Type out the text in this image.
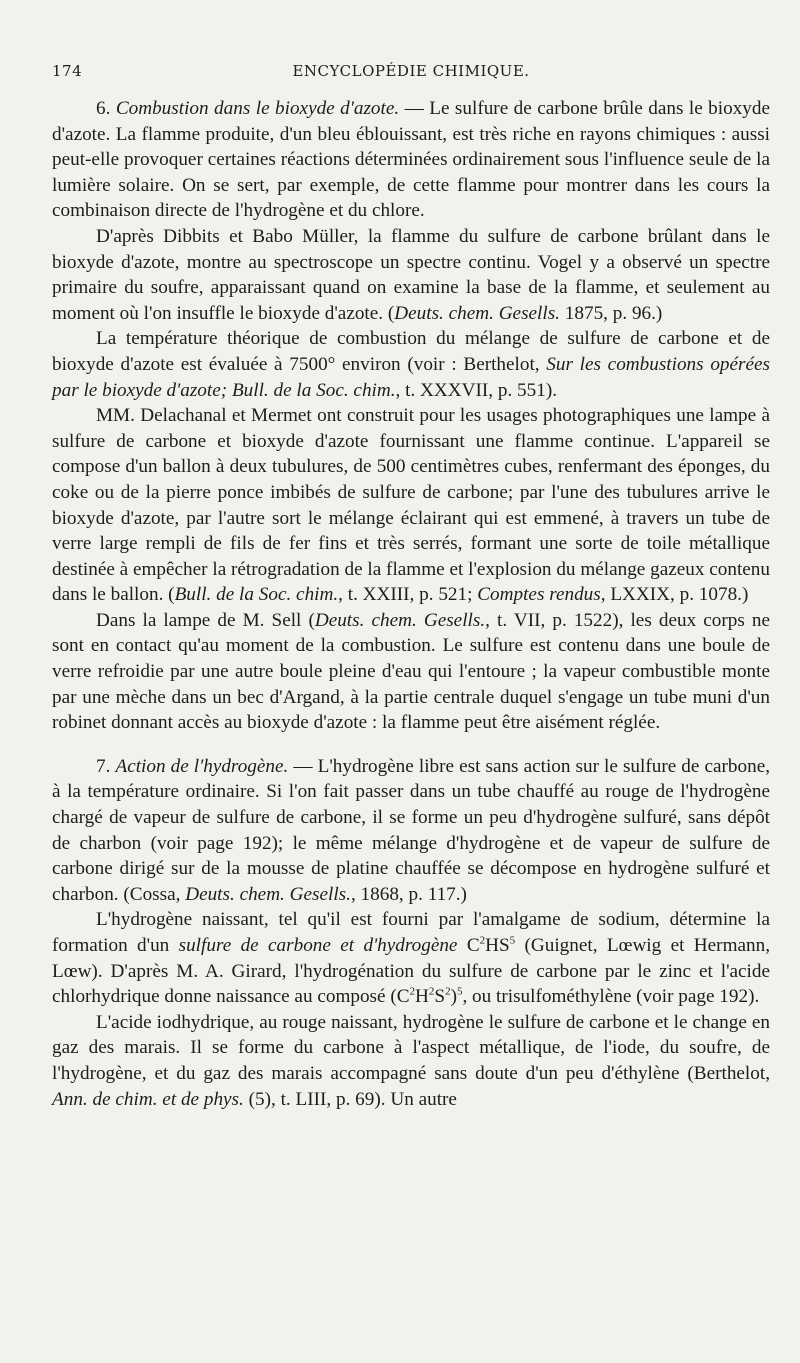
174	ENCYCLOPÉDIE CHIMIQUE.

6. Combustion dans le bioxyde d'azote. — Le sulfure de carbone brûle dans le bioxyde d'azote. La flamme produite, d'un bleu éblouissant, est très riche en rayons chimiques : aussi peut-elle provoquer certaines réactions déterminées ordinairement sous l'influence seule de la lumière solaire. On se sert, par exemple, de cette flamme pour montrer dans les cours la combinaison directe de l'hydrogène et du chlore.

D'après Dibbits et Babo Müller, la flamme du sulfure de carbone brûlant dans le bioxyde d'azote, montre au spectroscope un spectre continu. Vogel y a observé un spectre primaire du soufre, apparaissant quand on examine la base de la flamme, et seulement au moment où l'on insuffle le bioxyde d'azote. (Deuts. chem. Gesells. 1875, p. 96.)

La température théorique de combustion du mélange de sulfure de carbone et de bioxyde d'azote est évaluée à 7500° environ (voir : Berthelot, Sur les combustions opérées par le bioxyde d'azote; Bull. de la Soc. chim., t. XXXVII, p. 551).

MM. Delachanal et Mermet ont construit pour les usages photographiques une lampe à sulfure de carbone et bioxyde d'azote fournissant une flamme continue. L'appareil se compose d'un ballon à deux tubulures, de 500 centimètres cubes, renfermant des éponges, du coke ou de la pierre ponce imbibés de sulfure de carbone; par l'une des tubulures arrive le bioxyde d'azote, par l'autre sort le mélange éclairant qui est emmené, à travers un tube de verre large rempli de fils de fer fins et très serrés, formant une sorte de toile métallique destinée à empêcher la rétrogradation de la flamme et l'explosion du mélange gazeux contenu dans le ballon. (Bull. de la Soc. chim., t. XXIII, p. 521; Comptes rendus, LXXIX, p. 1078.)

Dans la lampe de M. Sell (Deuts. chem. Gesells., t. VII, p. 1522), les deux corps ne sont en contact qu'au moment de la combustion. Le sulfure est contenu dans une boule de verre refroidie par une autre boule pleine d'eau qui l'entoure ; la vapeur combustible monte par une mèche dans un bec d'Argand, à la partie centrale duquel s'engage un tube muni d'un robinet donnant accès au bioxyde d'azote : la flamme peut être aisément réglée.

7. Action de l'hydrogène. — L'hydrogène libre est sans action sur le sulfure de carbone, à la température ordinaire. Si l'on fait passer dans un tube chauffé au rouge de l'hydrogène chargé de vapeur de sulfure de carbone, il se forme un peu d'hydrogène sulfuré, sans dépôt de charbon (voir page 192); le même mélange d'hydrogène et de vapeur de sulfure de carbone dirigé sur de la mousse de platine chauffée se décompose en hydrogène sulfuré et charbon. (Cossa, Deuts. chem. Gesells., 1868, p. 117.)

L'hydrogène naissant, tel qu'il est fourni par l'amalgame de sodium, détermine la formation d'un sulfure de carbone et d'hydrogène $C^2HS^5$ (Guignet, Lœwig et Hermann, Lœw). D'après M. A. Girard, l'hydrogénation du sulfure de carbone par le zinc et l'acide chlorhydrique donne naissance au composé $(C^2H^2S^2)^5$, ou trisulfométhylène (voir page 192).

L'acide iodhydrique, au rouge naissant, hydrogène le sulfure de carbone et le change en gaz des marais. Il se forme du carbone à l'aspect métallique, de l'iode, du soufre, de l'hydrogène, et du gaz des marais accompagné sans doute d'un peu d'éthylène (Berthelot, Ann. de chim. et de phys. (5), t. LIII, p. 69). Un autre
